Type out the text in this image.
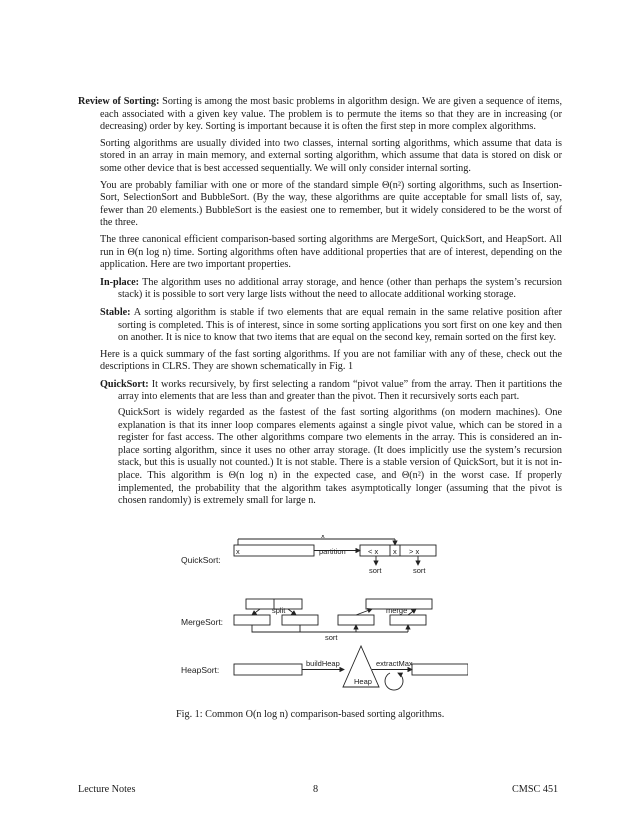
Review of Sorting: Sorting is among the most basic problems in algorithm design. We are given a sequence of items, each associated with a given key value. The problem is to permute the items so that they are in increasing (or decreasing) order by key. Sorting is important because it is often the first step in more complex algorithms.

Sorting algorithms are usually divided into two classes, internal sorting algorithms, which assume that data is stored in an array in main memory, and external sorting algorithm, which assume that data is stored on disk or some other device that is best accessed sequentially. We will only consider internal sorting.

You are probably familiar with one or more of the standard simple Θ(n²) sorting algorithms, such as Insertion-Sort, SelectionSort and BubbleSort. (By the way, these algorithms are quite acceptable for small lists of, say, fewer than 20 elements.) BubbleSort is the easiest one to remember, but it widely considered to be the worst of the three.

The three canonical efficient comparison-based sorting algorithms are MergeSort, QuickSort, and HeapSort. All run in Θ(n log n) time. Sorting algorithms often have additional properties that are of interest, depending on the application. Here are two important properties.

In-place: The algorithm uses no additional array storage, and hence (other than perhaps the system’s recursion stack) it is possible to sort very large lists without the need to allocate additional working storage.

Stable: A sorting algorithm is stable if two elements that are equal remain in the same relative position after sorting is completed. This is of interest, since in some sorting applications you sort first on one key and then on another. It is nice to know that two items that are equal on the second key, remain sorted on the first key.

Here is a quick summary of the fast sorting algorithms. If you are not familiar with any of these, check out the descriptions in CLRS. They are shown schematically in Fig. 1

QuickSort: It works recursively, by first selecting a random “pivot value” from the array. Then it partitions the array into elements that are less than and greater than the pivot. Then it recursively sorts each part.

QuickSort is widely regarded as the fastest of the fast sorting algorithms (on modern machines). One explanation is that its inner loop compares elements against a single pivot value, which can be stored in a register for fast access. The other algorithms compare two elements in the array. This is considered an in-place sorting algorithm, since it uses no other array storage. (It does implicitly use the system’s recursion stack, but this is usually not counted.) It is not stable. There is a stable version of QuickSort, but it is not in-place. This algorithm is Θ(n log n) in the expected case, and Θ(n²) in the worst case. If properly implemented, the probability that the algorithm takes asymptotically longer (assuming that the pivot is chosen randomly) is extremely small for large n.

QuickSort:
MergeSort:
HeapSort:
x
x	partition	< x x > x
sort	sort
split	merge
sort
buildHeap	extractMax
Heap

Fig. 1: Common O(n log n) comparison-based sorting algorithms.

Lecture Notes	8	CMSC 451
